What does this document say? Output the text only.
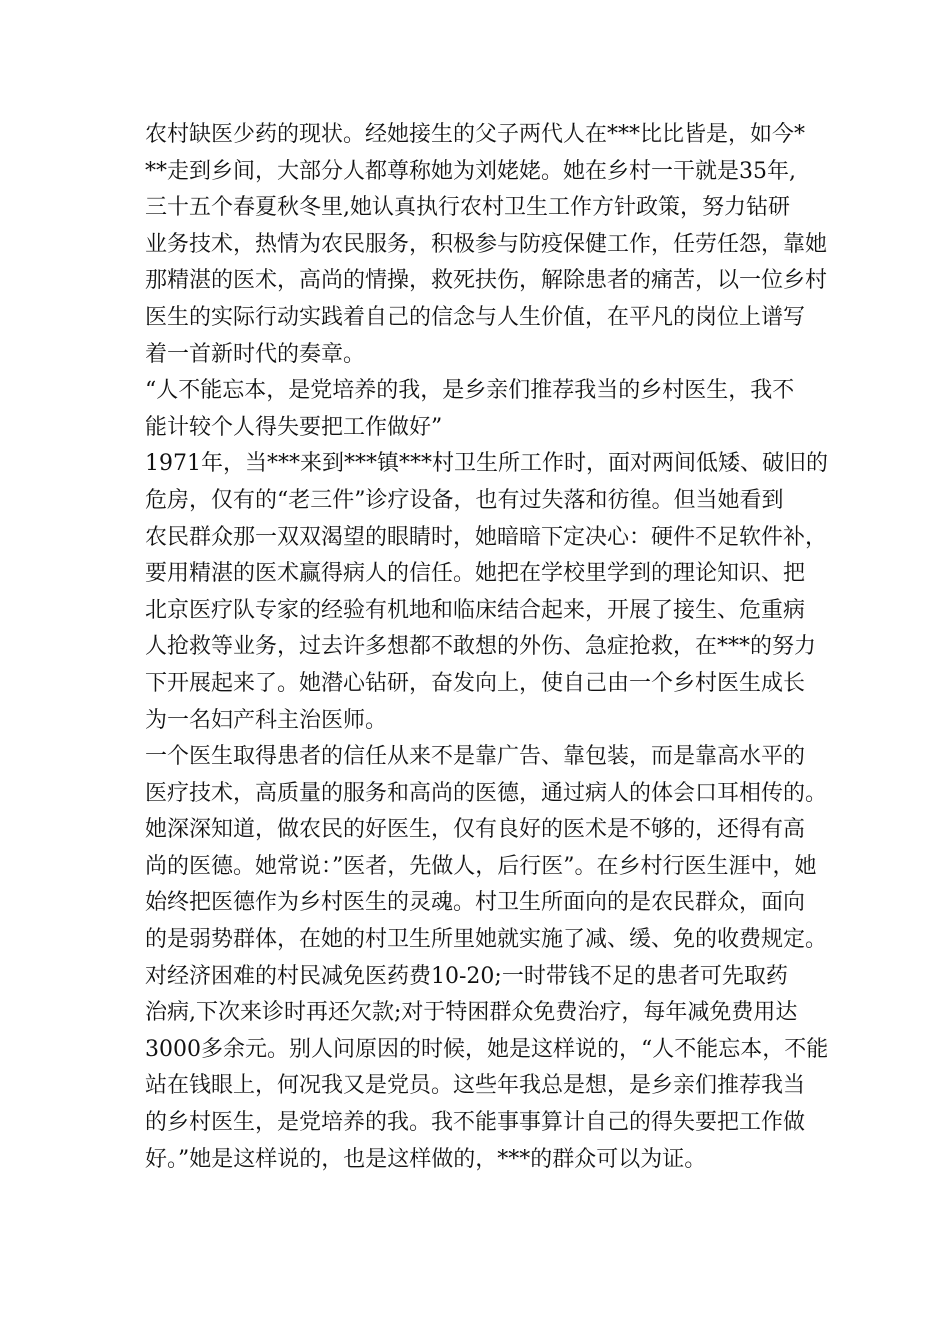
农村缺医少药的现状。经她接生的父子两代人在***比比皆是，如今*
**走到乡间，大部分人都尊称她为刘姥姥。她在乡村一干就是35年,
三十五个春夏秋冬里,她认真执行农村卫生工作方针政策，努力钻研
业务技术，热情为农民服务，积极参与防疫保健工作，任劳任怨，靠她
那精湛的医术，高尚的情操，救死扶伤，解除患者的痛苦，以一位乡村
医生的实际行动实践着自己的信念与人生价值，在平凡的岗位上谱写
着一首新时代的奏章。
“人不能忘本，是党培养的我，是乡亲们推荐我当的乡村医生，我不
能计较个人得失要把工作做好”
1971年，当***来到***镇***村卫生所工作时，面对两间低矮、破旧的
危房，仅有的“老三件”诊疗设备，也有过失落和彷徨。但当她看到
农民群众那一双双渴望的眼睛时，她暗暗下定决心：硬件不足软件补，
要用精湛的医术赢得病人的信任。她把在学校里学到的理论知识、把
北京医疗队专家的经验有机地和临床结合起来，开展了接生、危重病
人抢救等业务，过去许多想都不敢想的外伤、急症抢救，在***的努力
下开展起来了。她潜心钻研，奋发向上，使自己由一个乡村医生成长
为一名妇产科主治医师。
一个医生取得患者的信任从来不是靠广告、靠包装，而是靠高水平的
医疗技术，高质量的服务和高尚的医德，通过病人的体会口耳相传的。
她深深知道，做农民的好医生，仅有良好的医术是不够的，还得有高
尚的医德。她常说：”医者，先做人，后行医”。在乡村行医生涯中，她
始终把医德作为乡村医生的灵魂。村卫生所面向的是农民群众，面向
的是弱势群体，在她的村卫生所里她就实施了减、缓、免的收费规定。
对经济困难的村民减免医药费10-20;一时带钱不足的患者可先取药
治病,下次来诊时再还欠款;对于特困群众免费治疗，每年减免费用达
3000多余元。别人问原因的时候，她是这样说的，“人不能忘本，不能
站在钱眼上，何况我又是党员。这些年我总是想，是乡亲们推荐我当
的乡村医生，是党培养的我。我不能事事算计自己的得失要把工作做
好。”她是这样说的，也是这样做的，***的群众可以为证。
